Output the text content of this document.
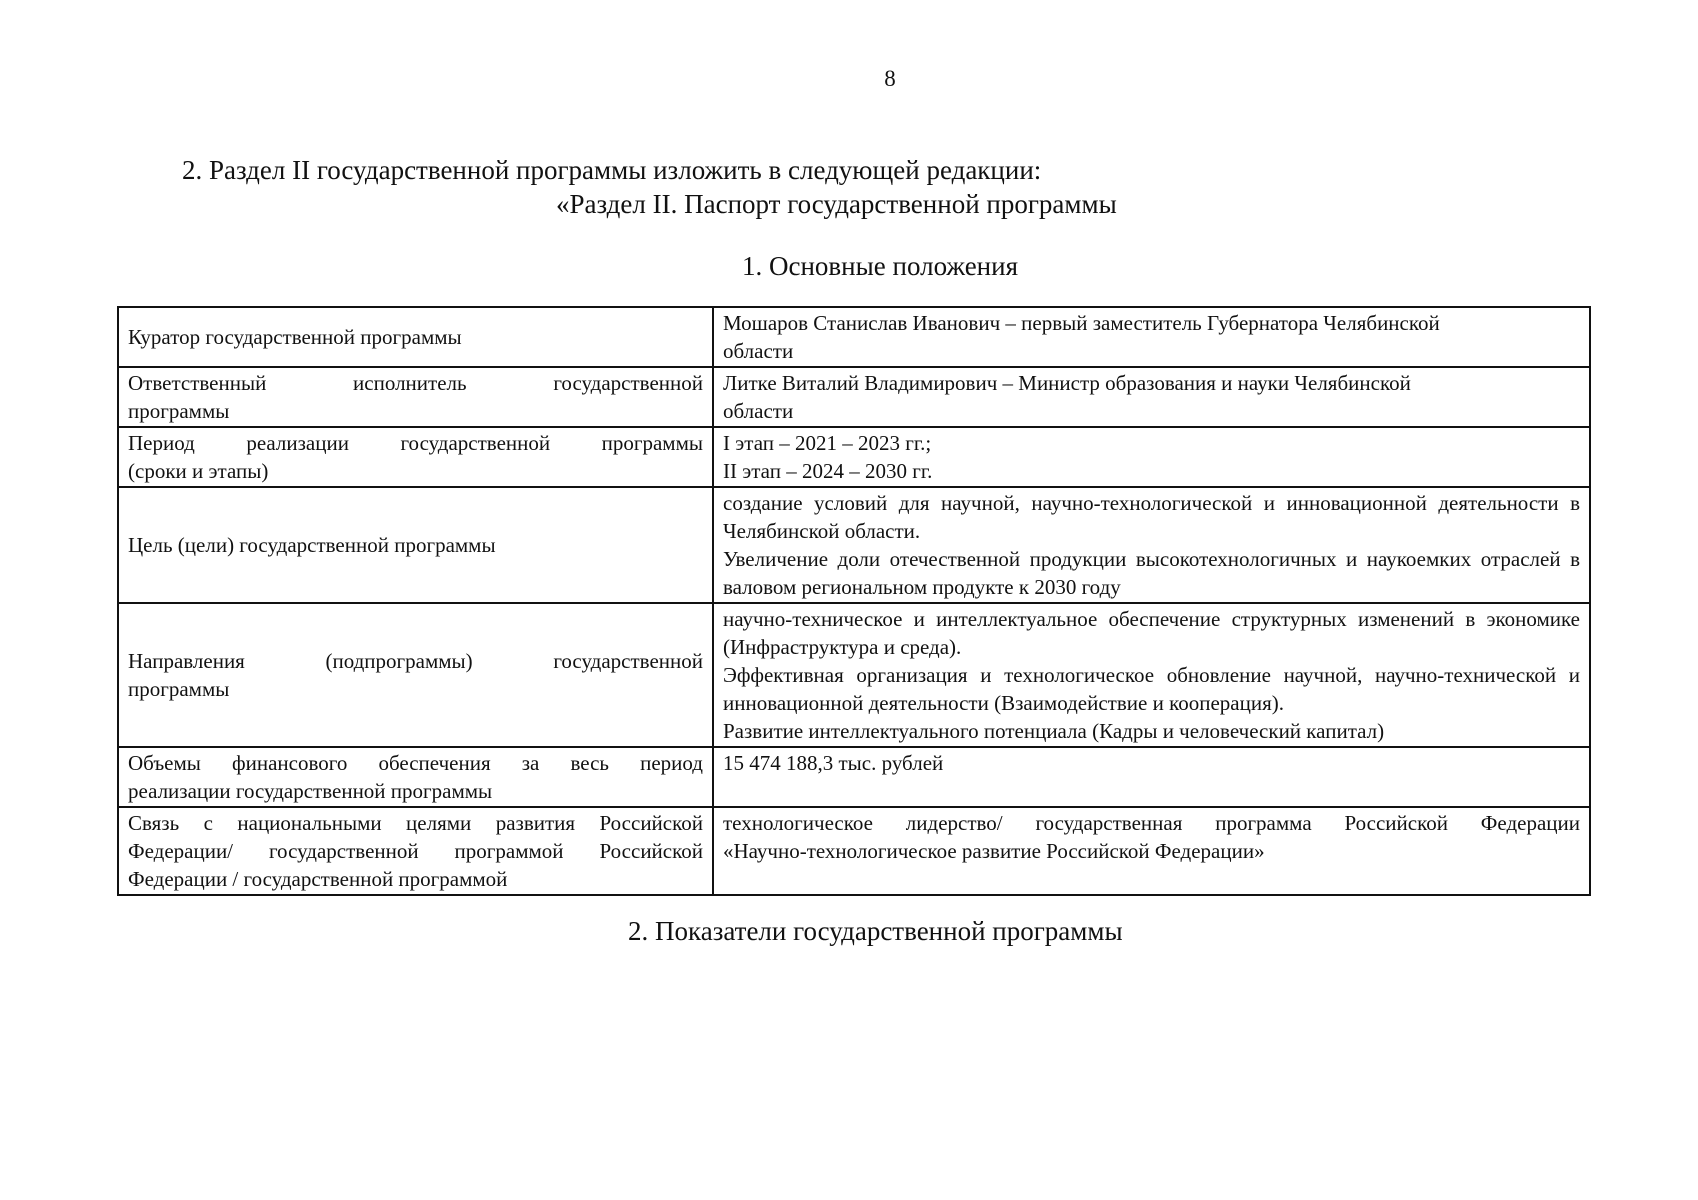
8
2. Раздел II государственной программы изложить в следующей редакции:
«Раздел II. Паспорт государственной программы
1. Основные положения
Куратор государственной программы	Мошаров Станислав Иванович – первый заместитель Губернатора Челябинской
области

Ответственный исполнитель государственной
программы	Литке Виталий Владимирович – Министр образования и науки Челябинской
области

Период реализации государственной программы
(сроки и этапы)	I этап – 2021 – 2023 гг.;
II этап – 2024 – 2030 гг.

Цель (цели) государственной программы	создание условий для научной, научно-технологической и инновационной деятельности в Челябинской области.
Увеличение доли отечественной продукции высокотехнологичных и наукоемких отраслей в валовом региональном продукте к 2030 году

Направления (подпрограммы) государственной
программы	научно-техническое и интеллектуальное обеспечение структурных изменений в экономике (Инфраструктура и среда).
Эффективная организация и технологическое обновление научной, научно-технической и инновационной деятельности (Взаимодействие и кооперация).
Развитие интеллектуального потенциала (Кадры и человеческий капитал)

Объемы финансового обеспечения за весь период
реализации государственной программы	15 474 188,3 тыс. рублей

Связь с национальными целями развития Российской
Федерации/ государственной программой Российской
Федерации / государственной программой	технологическое лидерство/ государственная программа Российской Федерации
«Научно-технологическое развитие Российской Федерации»
2. Показатели государственной программы
